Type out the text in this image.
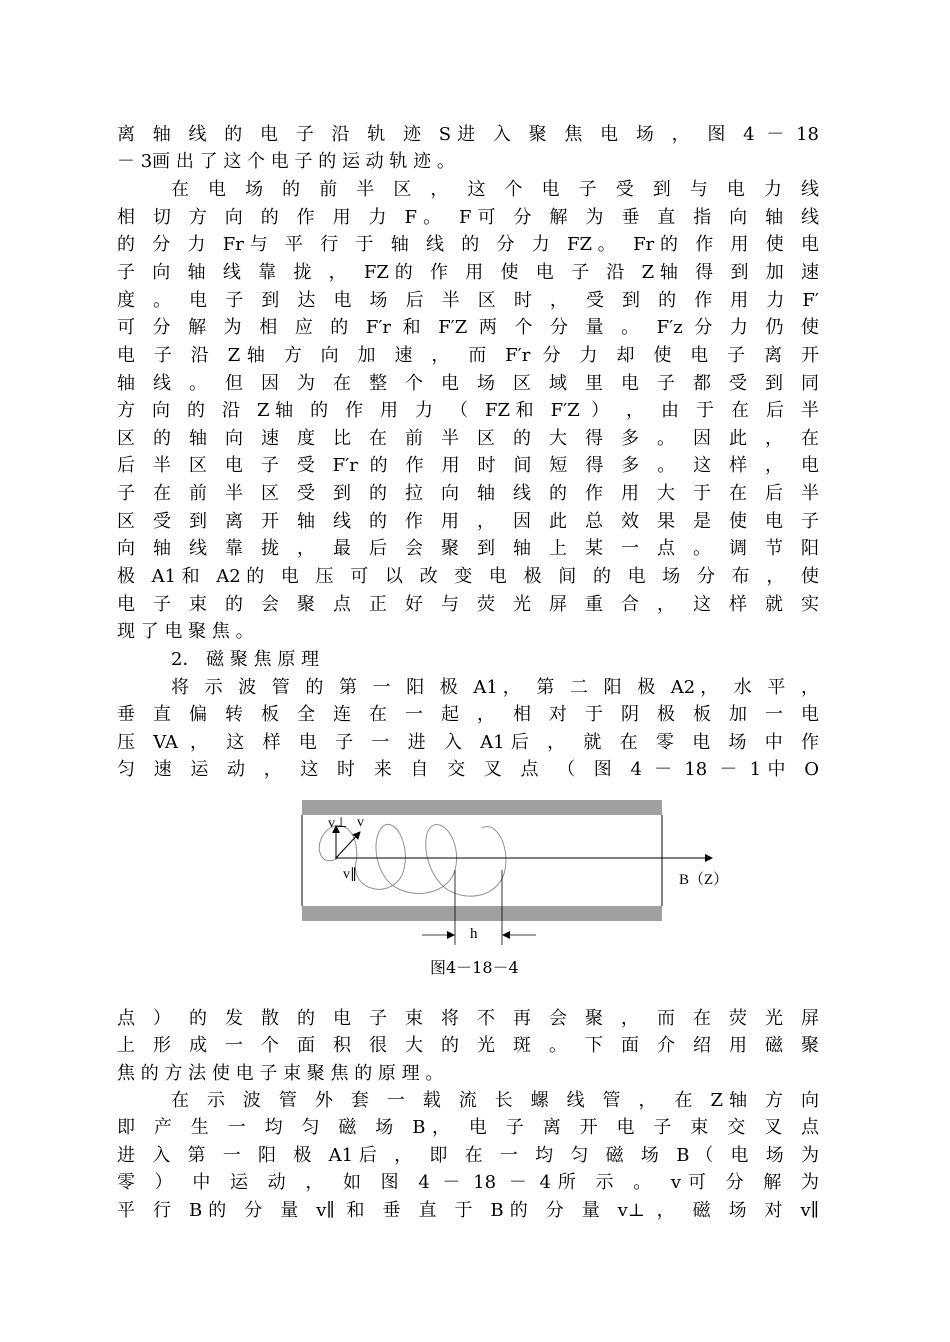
离 轴 线 的 电 子 沿 轨 迹 S进 入 聚 焦 电 场 ， 图 4 － 18
－ 3画 出 了 这 个 电 子 的 运 动 轨 迹 。
在 电 场 的 前 半 区 ， 这 个 电 子 受 到 与 电 力 线
相 切 方 向 的 作 用 力 F。 F可 分 解 为 垂 直 指 向 轴 线
的 分 力 Fr与 平 行 于 轴 线 的 分 力 FZ。 Fr的 作 用 使 电
子 向 轴 线 靠 拢 ， FZ的 作 用 使 电 子 沿 Z轴 得 到 加 速
度 。 电 子 到 达 电 场 后 半 区 时 ， 受 到 的 作 用 力 F′
可 分 解 为 相 应 的 F′r 和 F′Z 两 个 分 量 。 F′z 分 力 仍 使
电 子 沿 Z轴 方 向 加 速 ， 而 F′r 分 力 却 使 电 子 离 开
轴 线 。 但 因 为 在 整 个 电 场 区 域 里 电 子 都 受 到 同
方 向 的 沿 Z轴 的 作 用 力 （ FZ和 F′Z ） ， 由 于 在 后 半
区 的 轴 向 速 度 比 在 前 半 区 的 大 得 多 。 因 此 ， 在
后 半 区 电 子 受 F′r 的 作 用 时 间 短 得 多 。 这 样 ， 电
子 在 前 半 区 受 到 的 拉 向 轴 线 的 作 用 大 于 在 后 半
区 受 到 离 开 轴 线 的 作 用 ， 因 此 总 效 果 是 使 电 子
向 轴 线 靠 拢 ， 最 后 会 聚 到 轴 上 某 一 点 。 调 节 阳
极 A1和 A2的 电 压 可 以 改 变 电 极 间 的 电 场 分 布 ， 使
电 子 束 的 会 聚 点 正 好 与 荧 光 屏 重 合 ， 这 样 就 实
现 了 电 聚 焦 。
2． 磁 聚 焦 原 理
将 示 波 管 的 第 一 阳 极 A1， 第 二 阳 极 A2， 水 平 ，
垂 直 偏 转 板 全 连 在 一 起 ， 相 对 于 阴 极 板 加 一 电
压 VA ， 这 样 电 子 一 进 入 A1后 ， 就 在 零 电 场 中 作
匀 速 运 动 ， 这 时 来 自 交 叉 点 （ 图 4 － 18 － 1中 O
v⊥ v
v∥	B（Z）
h
图4－18－4
点 ） 的 发 散 的 电 子 束 将 不 再 会 聚 ， 而 在 荧 光 屏
上 形 成 一 个 面 积 很 大 的 光 斑 。 下 面 介 绍 用 磁 聚
焦 的 方 法 使 电 子 束 聚 焦 的 原 理 。
在 示 波 管 外 套 一 载 流 长 螺 线 管 ， 在 Z轴 方 向
即 产 生 一 均 匀 磁 场 B， 电 子 离 开 电 子 束 交 叉 点
进 入 第 一 阳 极 A1后 ， 即 在 一 均 匀 磁 场 B（ 电 场 为
零 ） 中 运 动 ， 如 图 4 － 18 － 4所 示 。 v可 分 解 为
平 行 B的 分 量 v∥ 和 垂 直 于 B的 分 量 v⊥ ， 磁 场 对 v∥
